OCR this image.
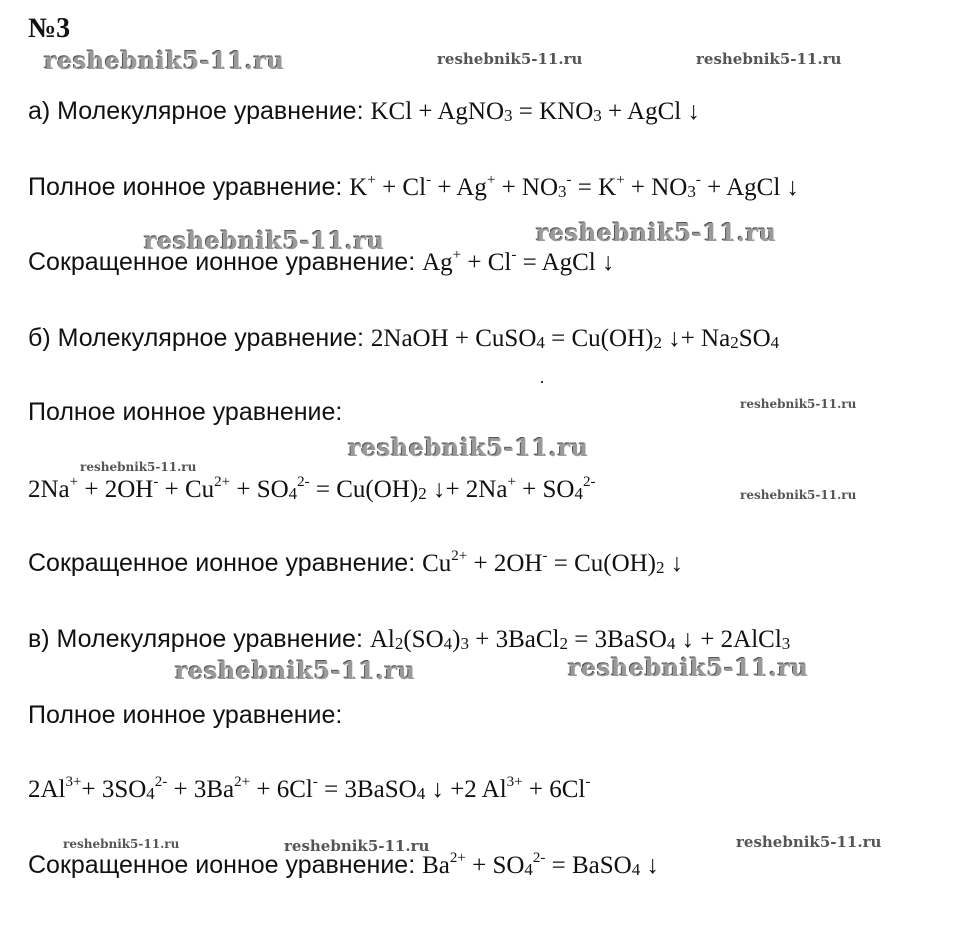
№3
reshebnik5-11.ru	reshebnik5-11.ru	reshebnik5-11.ru
reshebnik5-11.ru	reshebnik5-11.ru
reshebnik5-11.ru
reshebnik5-11.ru
reshebnik5-11.ru
reshebnik5-11.ru
reshebnik5-11.ru	reshebnik5-11.ru
reshebnik5-11.ru	reshebnik5-11.ru	reshebnik5-11.ru
а) Молекулярное уравнение: KCl + AgNO$_3$ = $KNO_3$ + AgCl ↓
Полное ионное уравнение: $K^+ + Cl^- + Ag^+ + NO_3^- = K^+ + NO_3^-$ + AgCl ↓
Сокращенное ионное уравнение: Ag+ + Cl- = AgCl ↓
б) Молекулярное уравнение: 2NaOH + CuSO$_4$ = $Cu(OH)_2$ ↓+ $Na_2SO_4$
Полное ионное уравнение:
$2Na^+ + 2OH^- + Cu^{2+} + SO_4^{2-} = Cu(OH)_2$ ↓+ $2Na^+ + SO_4^{2-}$
Сокращенное ионное уравнение: $Cu^{2+} + 2OH^- = Cu(OH)_2$ ↓
в) Молекулярное уравнение: $Al_2(SO_4)_3$ + 3BaCl$_2$ = 3BaSO$_4$ ↓ + 2AlCl$_3$
Полное ионное уравнение:
$2Al^{3+}+ 3SO_4^{2-} + 3Ba^{2+} + 6Cl^-$ = 3BaSO$_4$ ↓ +2 $Al^{3+} + 6Cl^-$
Сокращенное ионное уравнение: $Ba^{2+} + SO_4^{2-}$ = BaSO$_4$ ↓
